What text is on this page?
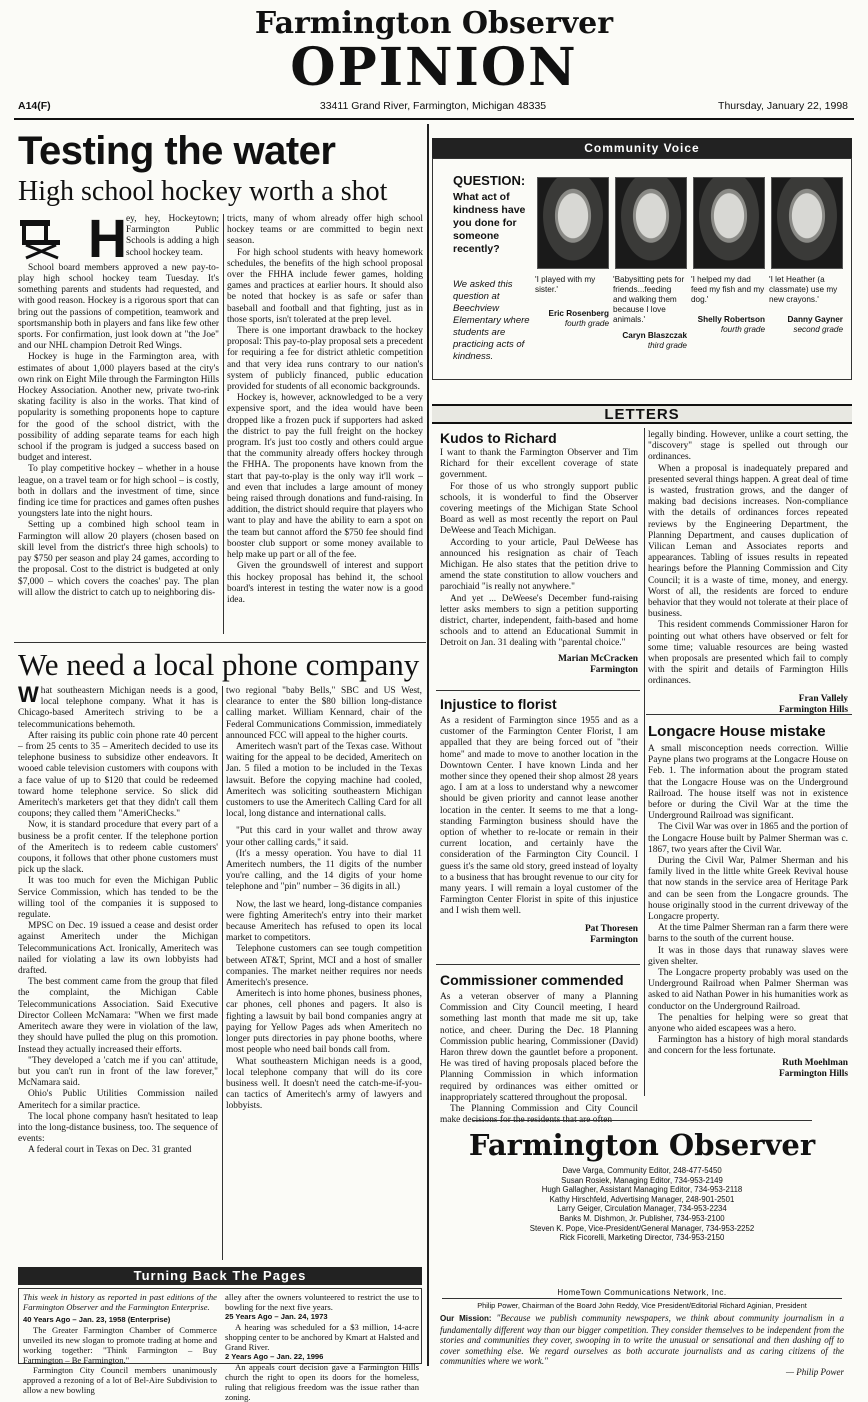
Farmington Observer
OPINION
A14(F)	33411 Grand River, Farmington, Michigan 48335	Thursday, January 22, 1998
Testing the water
High school hockey worth a shot
H ey, hey, Hockeytown; Farmington Public Schools is adding a high school hockey team.

School board members approved a new pay-to-play high school hockey team Tuesday. It's something parents and students had requested, and with good reason. Hockey is a rigorous sport that can bring out the passions of competition, teamwork and sportsmanship both in players and fans like few other sports. For confirmation, just look down at "the Joe" and our NHL champion Detroit Red Wings.

Hockey is huge in the Farmington area, with estimates of about 1,000 players based at the city's own rink on Eight Mile through the Farmington Hills Hockey Association. Another new, private two-rink skating facility is also in the works. That kind of popularity is something proponents hope to capture for the good of the school district, with the possibility of adding separate teams for each high school if the program is judged a success based on budget and interest.

To play competitive hockey – whether in a house league, on a travel team or for high school – is costly, both in dollars and the investment of time, since finding ice time for practices and games often pushes youngsters late into the night hours.

Setting up a combined high school team in Farmington will allow 20 players (chosen based on skill level from the district's three high schools) to pay $750 per season and play 24 games, according to the proposal. Cost to the district is budgeted at only $7,000 – which covers the coaches' pay. The plan will allow the district to catch up to neighboring dis-

tricts, many of whom already offer high school hockey teams or are committed to begin next season.

For high school students with heavy homework schedules, the benefits of the high school proposal over the FHHA include fewer games, holding games and practices at earlier hours. It should also be noted that hockey is as safe or safer than baseball and football and that fighting, just as in those sports, isn't tolerated at the prep level.

There is one important drawback to the hockey proposal: This pay-to-play proposal sets a precedent for requiring a fee for district athletic competition and that very idea runs contrary to our nation's system of publicly financed, public education provided for students of all economic backgrounds.

Hockey is, however, acknowledged to be a very expensive sport, and the idea would have been dropped like a frozen puck if supporters had asked the district to pay the full freight on the hockey program. It's just too costly and others could argue that the community already offers hockey through the FHHA. The proponents have known from the start that pay-to-play is the only way it'll work – and even that includes a large amount of money being raised through donations and fund-raising. In addition, the district should require that players who want to play and have the ability to earn a spot on the team but cannot afford the $750 fee should find booster club support or some money available to help make up part or all of the fee.

Given the groundswell of interest and support this hockey proposal has behind it, the school board's interest in testing the water now is a good idea.

We need a local phone company

What southeastern Michigan needs is a good, local telephone company. What it has is Chicago-based Ameritech striving to be a telecommunications behemoth.

After raising its public coin phone rate 40 percent – from 25 cents to 35 – Ameritech decided to use its telephone business to subsidize other endeavors. It wooed cable television customers with coupons with a face value of up to $120 that could be redeemed toward home telephone service. So slick did Ameritech's marketers get that they didn't call them coupons; they called them "AmeriChecks."

Now, it is standard procedure that every part of a business be a profit center. If the telephone portion of the Ameritech is to redeem cable customers' coupons, it follows that other phone customers must pick up the slack.

It was too much for even the Michigan Public Service Commission, which has tended to be the willing tool of the companies it is supposed to regulate.

MPSC on Dec. 19 issued a cease and desist order against Ameritech under the Michigan Telecommunications Act. Ironically, Ameritech was nailed for violating a law its own lobbyists had drafted.

The best comment came from the group that filed the complaint, the Michigan Cable Telecommunications Association. Said Executive Director Colleen McNamara: "When we first made Ameritech aware they were in violation of the law, they should have pulled the plug on this promotion. Instead they actually increased their efforts.

"They developed a 'catch me if you can' attitude, but you can't run in front of the law forever," McNamara said.

Ohio's Public Utilities Commission nailed Ameritech for a similar practice.

The local phone company hasn't hesitated to leap into the long-distance business, too. The sequence of events:

A federal court in Texas on Dec. 31 granted

two regional "baby Bells," SBC and US West, clearance to enter the $80 billion long-distance calling market. William Kennard, chair of the Federal Communications Commission, immediately announced FCC will appeal to the higher courts.

Ameritech wasn't part of the Texas case. Without waiting for the appeal to be decided, Ameritech on Jan. 5 filed a motion to be included in the Texas lawsuit. Before the copying machine had cooled, Ameritech was soliciting southeastern Michigan customers to use the Ameritech Calling Card for all local, long distance and international calls.

"Put this card in your wallet and throw away your other calling cards," it said.

(It's a messy operation. You have to dial 11 Ameritech numbers, the 11 digits of the number you're calling, and the 14 digits of your home telephone and "pin" number – 36 digits in all.)

Now, the last we heard, long-distance companies were fighting Ameritech's entry into their market because Ameritech has refused to open its local market to competitors.

Telephone customers can see tough competition between AT&T, Sprint, MCI and a host of smaller companies. The market neither requires nor needs Ameritech's presence.

Ameritech is into home phones, business phones, car phones, cell phones and pagers. It also is fighting a lawsuit by bail bond companies angry at paying for Yellow Pages ads when Ameritech no longer puts directories in pay phone booths, where most people who need bail bonds call from.

What southeastern Michigan needs is a good, local telephone company that will do its core business well. It doesn't need the catch-me-if-you-can tactics of Ameritech's army of lawyers and lobbyists.

Turning Back The Pages

This week in history as reported in past editions of the Farmington Observer and the Farmington Enterprise.

40 Years Ago – Jan. 23, 1958 (Enterprise)

The Greater Farmington Chamber of Commerce unveiled its new slogan to promote trading at home and working together: "Think Farmington – Buy Farmington – Be Farmington."

Farmington City Council members unanimously approved a rezoning of a lot of Bel-Aire Subdivision to allow a new bowling

alley after the owners volunteered to restrict the use to bowling for the next five years.

25 Years Ago – Jan. 24, 1973

A hearing was scheduled for a $3 million, 14-acre shopping center to be anchored by Kmart at Halsted and Grand River.

2 Years Ago – Jan. 22, 1996

An appeals court decision gave a Farmington Hills church the right to open its doors for the homeless, ruling that religious freedom was the issue rather than zoning.

Community Voice
QUESTION:
What act of kindness have you done for someone recently?
We asked this question at Beechview Elementary where students are practicing acts of kindness.
'I played with my sister.'
Eric Rosenberg
fourth grade
'Babysitting pets for friends...feeding and walking them because I love animals.'
Caryn Blaszczak
third grade
'I helped my dad feed my fish and my dog.'
Shelly Robertson
fourth grade
'I let Heather (a classmate) use my new crayons.'
Danny Gayner
second grade
LETTERS
Kudos to Richard

I want to thank the Farmington Observer and Tim Richard for their excellent coverage of state government.

For those of us who strongly support public schools, it is wonderful to find the Observer covering meetings of the Michigan State School Board as well as most recently the report on Paul DeWeese and Teach Michigan.

According to your article, Paul DeWeese has announced his resignation as chair of Teach Michigan. He also states that the petition drive to amend the state constitution to allow vouchers and parochiaid "is really not anywhere."

And yet ... DeWeese's December fund-raising letter asks members to sign a petition supporting district, charter, independent, faith-based and home schools and to attend an Educational Summit in Detroit on Jan. 31 dealing with "parental choice."

Marian McCracken
Farmington
Injustice to florist

As a resident of Farmington since 1955 and as a customer of the Farmington Center Florist, I am appalled that they are being forced out of "their home" and made to move to another location in the Downtown Center. I have known Linda and her mother since they opened their shop almost 28 years ago. I am at a loss to understand why a newcomer should be given priority and cannot lease another location in the center. It seems to me that a long-standing Farmington business should have the option of whether to re-locate or remain in their current location, and certainly have the consideration of the Farmington City Council. I guess it's the same old story, greed instead of loyalty to a business that has brought revenue to our city for many years. I will remain a loyal customer of the Farmington Center Florist in spite of this injustice and I wish them well.

Pat Thoresen
Farmington
Commissioner commended

As a veteran observer of many a Planning Commission and City Council meeting, I heard something last month that made me sit up, take notice, and cheer. During the Dec. 18 Planning Commission public hearing, Commissioner (David) Haron threw down the gauntlet before a proponent. He was tired of having proposals placed before the Planning Commission in which information required by ordinances was either omitted or inappropriately scattered throughout the proposal.

The Planning Commission and City Council make decisions for the residents that are often

legally binding. However, unlike a court setting, the "discovery" stage is spelled out through our ordinances.

When a proposal is inadequately prepared and presented several things happen. A great deal of time is wasted, frustration grows, and the danger of making bad decisions increases. Non-compliance with the details of ordinances forces repeated reviews by the Engineering Department, the Planning Department, and causes duplication of Vilican Leman and Associates reports and appearances. Tabling of issues results in repeated hearings before the Planning Commission and City Council; it is a waste of time, money, and energy. Worst of all, the residents are forced to endure behavior that they would not tolerate at their place of business.

This resident commends Commissioner Haron for pointing out what others have observed or felt for some time; valuable resources are being wasted when proposals are presented which fail to comply with the spirit and details of Farmington Hills ordinances.

Fran Vallely
Farmington Hills
Longacre House mistake

A small misconception needs correction. Willie Payne plans two programs at the Longacre House on Feb. 1. The information about the program stated that the Longacre House was on the Underground Railroad. The house itself was not in existence before or during the Civil War at the time the Underground Railroad was significant.

The Civil War was over in 1865 and the portion of the Longacre House built by Palmer Sherman was c. 1867, two years after the Civil War.

During the Civil War, Palmer Sherman and his family lived in the little white Greek Revival house that now stands in the service area of Heritage Park and can be seen from the Longacre grounds. The house originally stood in the current driveway of the Longacre property.

At the time Palmer Sherman ran a farm there were barns to the south of the current house.

It was in those days that runaway slaves were given shelter.

The Longacre property probably was used on the Underground Railroad when Palmer Sherman was asked to aid Nathan Power in his humanities work as conductor on the Underground Railroad.

The penalties for helping were so great that anyone who aided escapees was a hero.

Farmington has a history of high moral standards and concern for the less fortunate.

Ruth Moehlman
Farmington Hills
Farmington Observer
Dave Varga, Community Editor, 248-477-5450
Susan Rosiek, Managing Editor, 734-953-2149
Hugh Gallagher, Assistant Managing Editor, 734-953-2118
Kathy Hirschfeld, Advertising Manager, 248-901-2501
Larry Geiger, Circulation Manager, 734-953-2234
Banks M. Dishmon, Jr. Publisher, 734-953-2100
Steven K. Pope, Vice-President/General Manager, 734-953-2252
Rick Ficorelli, Marketing Director, 734-953-2150
HomeTown Communications Network, Inc.
Philip Power, Chairman of the Board John Reddy, Vice President/Editorial Richard Aginian, President
Our Mission: "Because we publish community newspapers, we think about community journalism in a fundamentally different way than our bigger competition. They consider themselves to be independent from the stories and communities they cover, swooping in to write the unusual or sensational and then dashing off to cover something else. We regard ourselves as both accurate journalists and as caring citizens of the communities where we work."
— Philip Power
